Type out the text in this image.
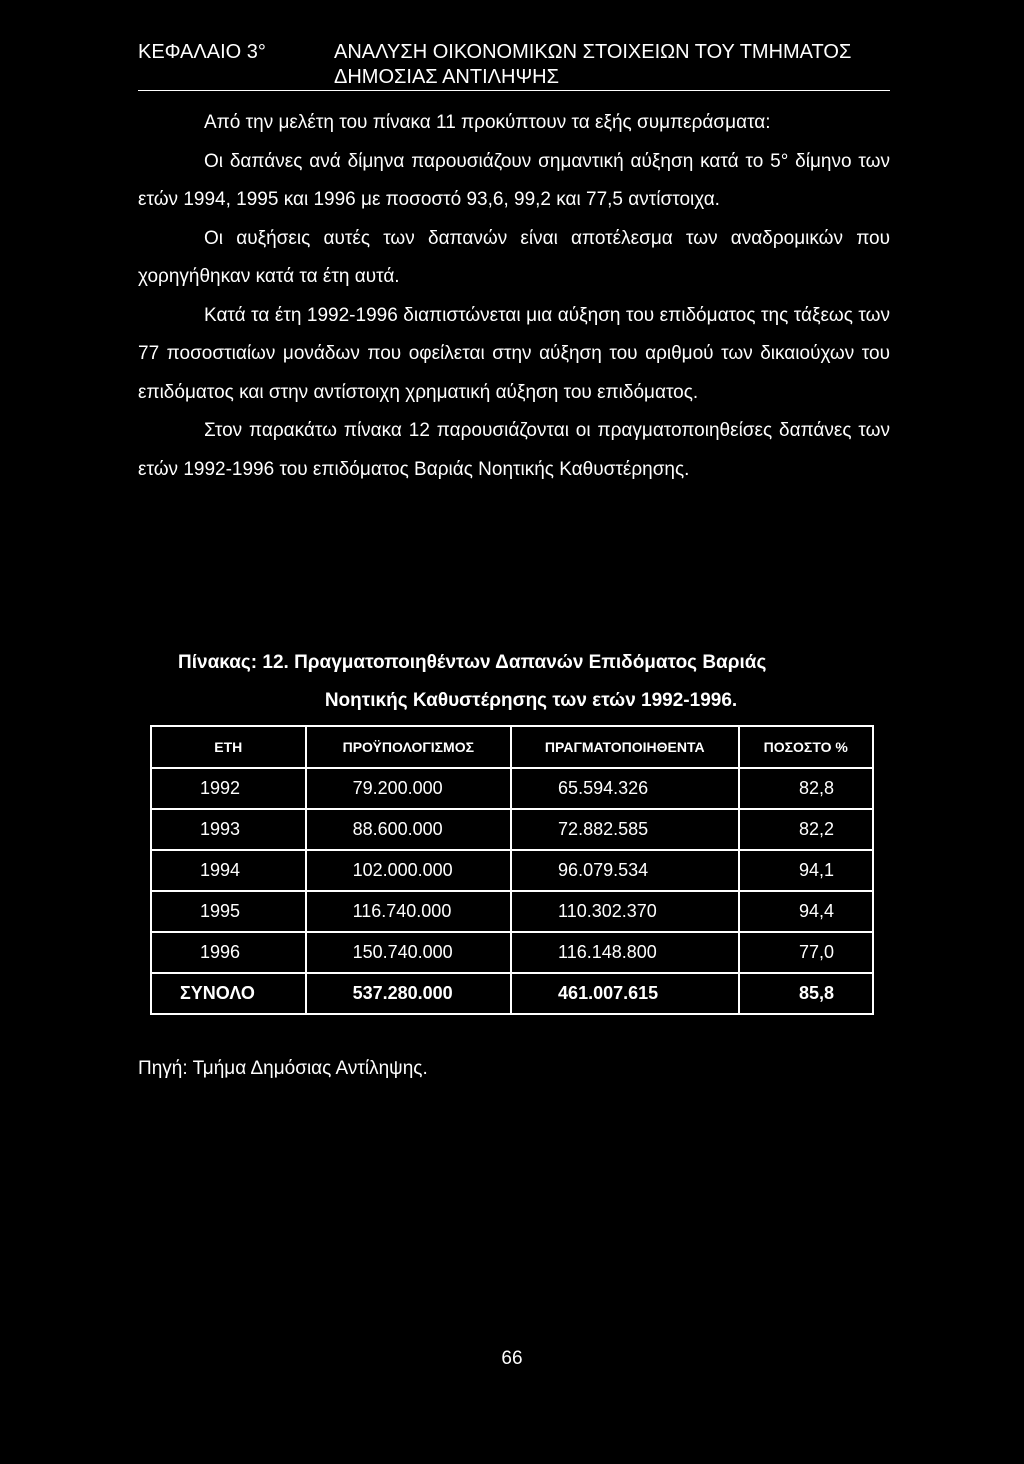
ΚΕΦΑΛΑΙΟ 3°	ΑΝΑΛΥΣΗ ΟΙΚΟΝΟΜΙΚΩΝ ΣΤΟΙΧΕΙΩΝ ΤΟΥ ΤΜΗΜΑΤΟΣ
ΔΗΜΟΣΙΑΣ ΑΝΤΙΛΗΨΗΣ

Από την μελέτη του πίνακα 11 προκύπτουν τα εξής συμπεράσματα:

Οι δαπάνες ανά δίμηνα παρουσιάζουν σημαντική αύξηση κατά το 5° δίμηνο των ετών 1994, 1995 και 1996 με ποσοστό 93,6, 99,2 και 77,5 αντίστοιχα.

Οι αυξήσεις αυτές των δαπανών είναι αποτέλεσμα των αναδρομικών που χορηγήθηκαν κατά τα έτη αυτά.

Κατά τα έτη 1992-1996 διαπιστώνεται μια αύξηση του επιδόματος της τάξεως των 77 ποσοστιαίων μονάδων που οφείλεται στην αύξηση του αριθμού των δικαιούχων του επιδόματος και στην αντίστοιχη χρηματική αύξηση του επιδόματος.

Στον παρακάτω πίνακα 12 παρουσιάζονται οι πραγματοποιηθείσες δαπάνες των ετών 1992-1996 του επιδόματος Βαριάς Νοητικής Καθυστέρησης.

Πίνακας: 12. Πραγματοποιηθέντων Δαπανών Επιδόματος Βαριάς
Νοητικής Καθυστέρησης των ετών 1992-1996.
ΕΤΗ	ΠΡΟΫΠΟΛΟΓΙΣΜΟΣ	ΠΡΑΓΜΑΤΟΠΟΙΗΘΕΝΤΑ	ΠΟΣΟΣΤΟ %
1992	79.200.000	65.594.326	82,8
1993	88.600.000	72.882.585	82,2
1994	102.000.000	96.079.534	94,1
1995	116.740.000	110.302.370	94,4
1996	150.740.000	116.148.800	77,0
ΣΥΝΟΛΟ	537.280.000	461.007.615	85,8
Πηγή: Τμήμα Δημόσιας Αντίληψης.
66
